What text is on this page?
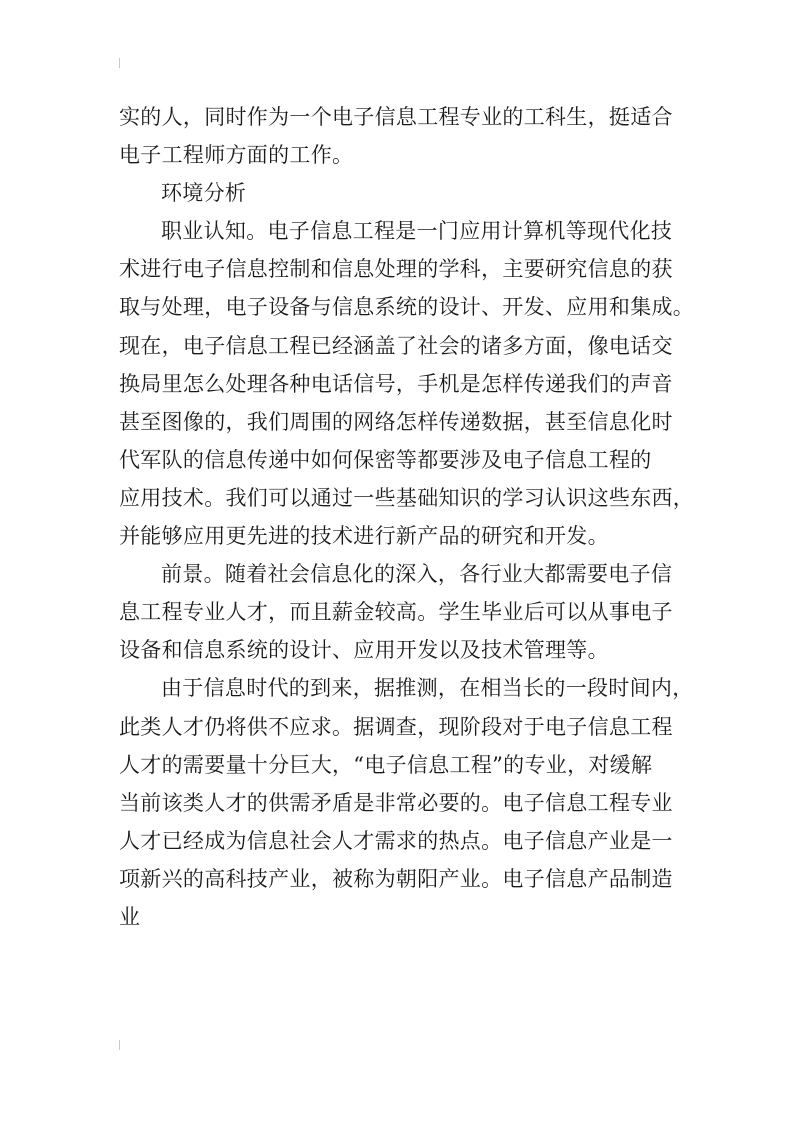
实的人，同时作为一个电子信息工程专业的工科生，挺适合
电子工程师方面的工作。
环境分析
职业认知。电子信息工程是一门应用计算机等现代化技
术进行电子信息控制和信息处理的学科，主要研究信息的获
取与处理，电子设备与信息系统的设计、开发、应用和集成。
现在，电子信息工程已经涵盖了社会的诸多方面，像电话交
换局里怎么处理各种电话信号，手机是怎样传递我们的声音
甚至图像的，我们周围的网络怎样传递数据，甚至信息化时
代军队的信息传递中如何保密等都要涉及电子信息工程的
应用技术。我们可以通过一些基础知识的学习认识这些东西，
并能够应用更先进的技术进行新产品的研究和开发。
前景。随着社会信息化的深入，各行业大都需要电子信
息工程专业人才，而且薪金较高。学生毕业后可以从事电子
设备和信息系统的设计、应用开发以及技术管理等。
由于信息时代的到来，据推测，在相当长的一段时间内，
此类人才仍将供不应求。据调查，现阶段对于电子信息工程
人才的需要量十分巨大，“电子信息工程”的专业，对缓解
当前该类人才的供需矛盾是非常必要的。电子信息工程专业
人才已经成为信息社会人才需求的热点。电子信息产业是一
项新兴的高科技产业，被称为朝阳产业。电子信息产品制造
业
